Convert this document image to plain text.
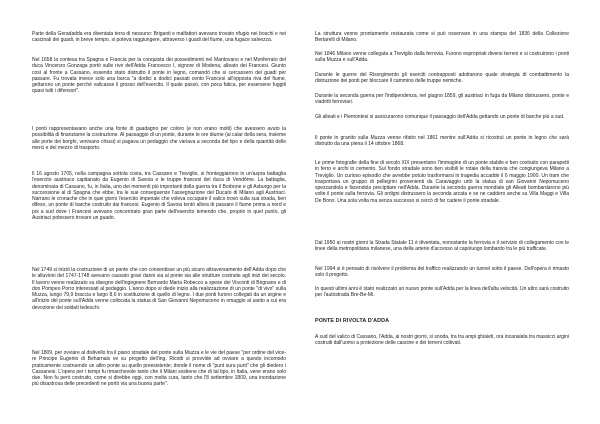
Parte della Geradadda era diventata terra di nessuno: Briganti e malfattori avevano trovato rifugio nei boschi e nei cascinali dei guadi, in breve tempo, si poteva raggiungere, attraverso i guadi del fiume, una fugace salvezza.

Nel 1658 la contesa tra Spagna e Francia per la conquista dei possedimenti nel Mantovano e nel Monferrato del duca Vincenzo Gonzaga portò sulle rive dell'Adda Francesco I, signore di Modena, alleato dei Francesi. Giunto così al fronte a Cassano, essendo stato distrutto il ponte in legno, comandò che si cercassero dei guadi per passare. Fu trovata invece solo una barca "a dodici a dodici passati cento Francesi all'opposta riva del fiume, gettarono un ponte perchè valicasse il grosso dell'esercito. Il quale passò, con poca fatica, per essersene fuggiti quasi tutti i difensori".

I ponti rappresentavano anche una fonte di guadagno per coloro (e non erano molti) che avessero avuto la possibilità di finanziarne la costruzione. Al passaggio di un ponte, durante le ore diurne (al calar della sera, insieme alle porte dei borghi, venivano chiusi) si pagava un pedaggio che variava a seconda del tipo e della quantità delle merci e del mezzo di trasporto.

Il 16 agosto 1705, nella campagna sottola costa, tra Cassano e Treviglio, si fronteggiarono in un'aspra battaglia l'esercito austriaco capitanato da Eugenio di Savoia e le truppe francesi del duca di Vendôme. La battaglia, denominata di Cassano, fu, in Italia, uno dei momenti più importanti della guerra tra il Borbone e gli Asburgo per la successione al di Spagna che ebbe, tra le sue conseguenze l'assegnazione del Ducato di Milano agli Austriaci. Narrano le cronache che in quei giorni l'esercito imperiale che voleva occupare il valico trovò sulla sua strada, ben difeso, un ponte di barche costruito dai francesi. Eugenio di Savoia tentò allora di passare il fiume prima a nord e poi a sud dove i Francesi avevano concentrato gran parte dell'esercito temendo che, proprio in quel punto, gli Austriaci potessero trovare un guado.

Nel 1749 si iniziò la costruzione di un ponte che con consentisse un più sicuro attraversamento dell'Adda dopo che le alluvioni del 1747-1748 avevano causato gravi danni sia al ponte sia alle strutture costruite agli inizi del secolo. Il lavoro venne realizzato su disegno dell'ingegnere Bernardo Maria Robecco a spese dei Visconti di Brignano e di don Pompeo Porro interessati al pedaggio. L'anno dopo si diede inizio alla realizzazione di un ponte "di vivo" sulla Muzza, lungo 79,9 braccia e largo 8,6 in sostituzione di quello di legno. I due ponti furono collegati da un argine e all'inizio del ponte sull'Adda venne collocata la statua di San Giovanni Nepomuceno in omaggio al santo a cui era devozione dei soldati tedeschi.

Nel 1809, per ovviare al dislivello tra il piano stradale del ponte sulla Muzza e le vie del paese "per ordine del vice-re Principe Eugenio di Beharnais ve su progetto dell'ing. Ricotti si provvide ad ovviare a questo incomodo praticamente costruendo un altro ponte su quello preesistente; donde il nome di "punt sura punt" che gli diedero i Cassanesi. L'opera per i tempi fu rimarchevole tanto che il Milani sostiene che di tal tipo, in Italia, vene erano solo due. Non fu però costruito, come si direbbe oggi, con molta cura, tanto che l'8 settembre 1809, una inondazione più disastrosa delle precedenti ne portò via una buona parte".

La struttura venne prontamente restaurata come si può osservare in una stampa del 1836 della Collezione Bertarelli di Milano.

Nel 1846 Milano venne collegata a Treviglio dalla ferrovia. Furono espropriati diversi terreni e si costruirono i ponti sulla Muzza e sull'Adda.

Durante le guerre del Risorgimento gli eserciti contrapposti adottarono quale strategia di combattimento la distruzione dei ponti per bloccare il cammino delle truppe nemiche.

Durante la seconda guerra per l'indipendenza, nel giugno 1859, gli austriaci in fuga da Milano distrussero, ponte e viadotti ferroviari.

Gli alleati e i Piemontesi si assicurarono comunque il passaggio dell'Adda gettando un ponte di barche più a sud.

Il ponte in granito sulla Muzza venne rifatto nel 1861 mentre sull'Adda si ricostruì un ponte in legno che sarà distrutto da una piena il 14 ottobre 1868.

Le prime fotografie della fine di secolo XIX presentano l'immagine di un ponte stabile e ben costruito con parapetti in ferro e archi in cemento. Sul fondo stradale sono ben visibili le rotaie della tranvia che congiungeva Milano a Treviglio. Un curioso episodio che avrebbe potuto trasformarsi in tragedia accadde il 6 maggio 1900. Un tram che trasportava un gruppo di pellegrini provenienti da Caravaggio urtò la statua di san Giovanni Nepomuceno spezzandola e facendola precipitare nell'Adda. Durante la seconda guerra mondiale gli Alleati bombardarono più volte il ponte sulla ferrovia. Gli ordigni distrussero la seconda arcata e se ne caddero anche su Villa Maggi e Villa De Bono. Una sola volta ma senza successo si cercò di far cadere il ponte stradale.

Dal 1950 ai nostri giorni la Strada Statale 11 è diventata, nonostante la ferrovia e il servizio di collegamento con le linee della metropolitana milanese, una della arterie d'accesso al capoluogo lombardo tra le più trafficate.

Nel 1994 si è pensato di risolvere il problema del traffico realizzando un tunnel sotto il paese. Dell'opera è rimasto solo il progetto.

In questi ultimi anni è stato realizzato un nuovo ponte sull'Adda per la linea dell'alta velocità. Un altro sarà costruito per l'autostrada Bre-Be-Mi.

PONTE DI RIVOLTA D'ADDA

A sud del valico di Cassano, l'Adda, ai nostri giorni, si snoda, tra tra ampi ghiaieti, ora incanalata tra massicci argini costruiti dall'uomo a protezione delle cascine e dei terreni coltivati.
